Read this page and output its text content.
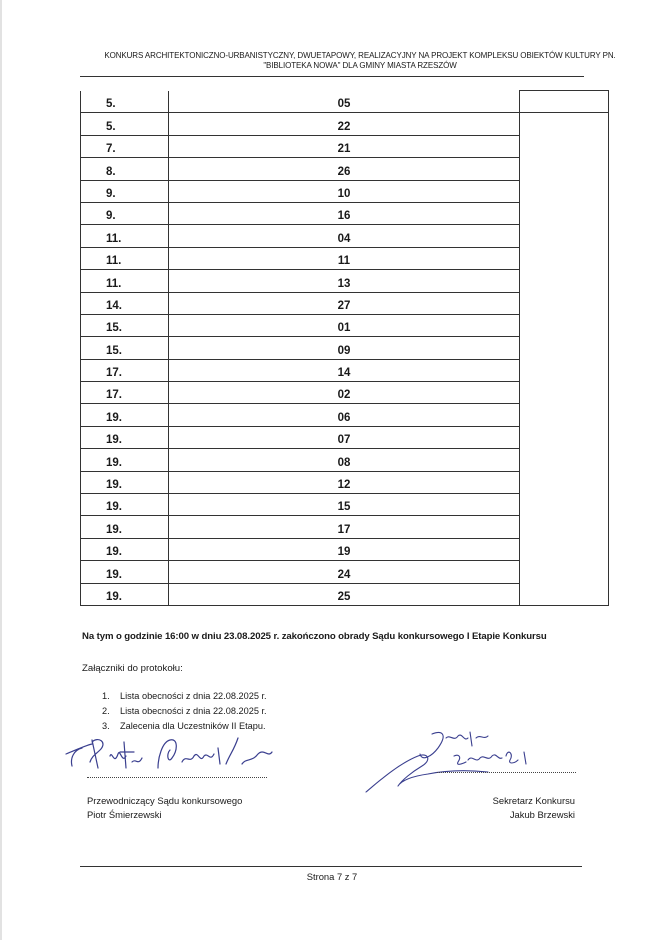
KONKURS ARCHITEKTONICZNO-URBANISTYCZNY, DWUETAPOWY, REALIZACYJNY NA PROJEKT KOMPLEKSU OBIEKTÓW KULTURY PN.
"BIBLIOTEKA NOWA" DLA GMINY MIASTA RZESZÓW
5.	05	
5.	22	
7.	21	
8.	26	
9.	10	
9.	16	
11.	04	
11.	11	
11.	13	
14.	27	
15.	01	
15.	09	
17.	14	
17.	02	
19.	06	
19.	07	
19.	08	
19.	12	
19.	15	
19.	17	
19.	19	
19.	24	
19.	25	
Na tym o godzinie 16:00 w dniu 23.08.2025 r. zakończono obrady Sądu konkursowego I Etapie Konkursu
Załączniki do protokołu:
1.	Lista obecności z dnia 22.08.2025 r.
2.	Lista obecności z dnia 22.08.2025 r.
3.	Zalecenia dla Uczestników II Etapu.
Przewodniczący Sądu konkursowego
Piotr Śmierzewski
Sekretarz Konkursu
Jakub Brzewski
Strona 7 z 7
